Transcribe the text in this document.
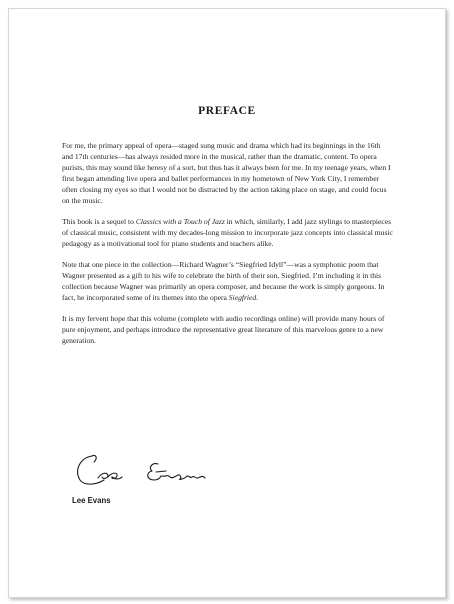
PREFACE

For me, the primary appeal of opera—staged sung music and drama which had its beginnings in the 16th and 17th centuries—has always resided more in the musical, rather than the dramatic, content. To opera purists, this may sound like heresy of a sort, but thus has it always been for me. In my teenage years, when I first began attending live opera and ballet performances in my hometown of New York City, I remember often closing my eyes so that I would not be distracted by the action taking place on stage, and could focus on the music.

This book is a sequel to Classics with a Touch of Jazz in which, similarly, I add jazz stylings to masterpieces of classical music, consistent with my decades-long mission to incorporate jazz concepts into classical music pedagogy as a motivational tool for piano students and teachers alike.

Note that one piece in the collection—Richard Wagner’s “Siegfried Idyll”—was a symphonic poem that Wagner presented as a gift to his wife to celebrate the birth of their son, Siegfried. I’m including it in this collection because Wagner was primarily an opera composer, and because the work is simply gorgeous. In fact, he incorporated some of its themes into the opera Siegfried.

It is my fervent hope that this volume (complete with audio recordings online) will provide many hours of pure enjoyment, and perhaps introduce the representative great literature of this marvelous genre to a new generation.

Lee Evans
